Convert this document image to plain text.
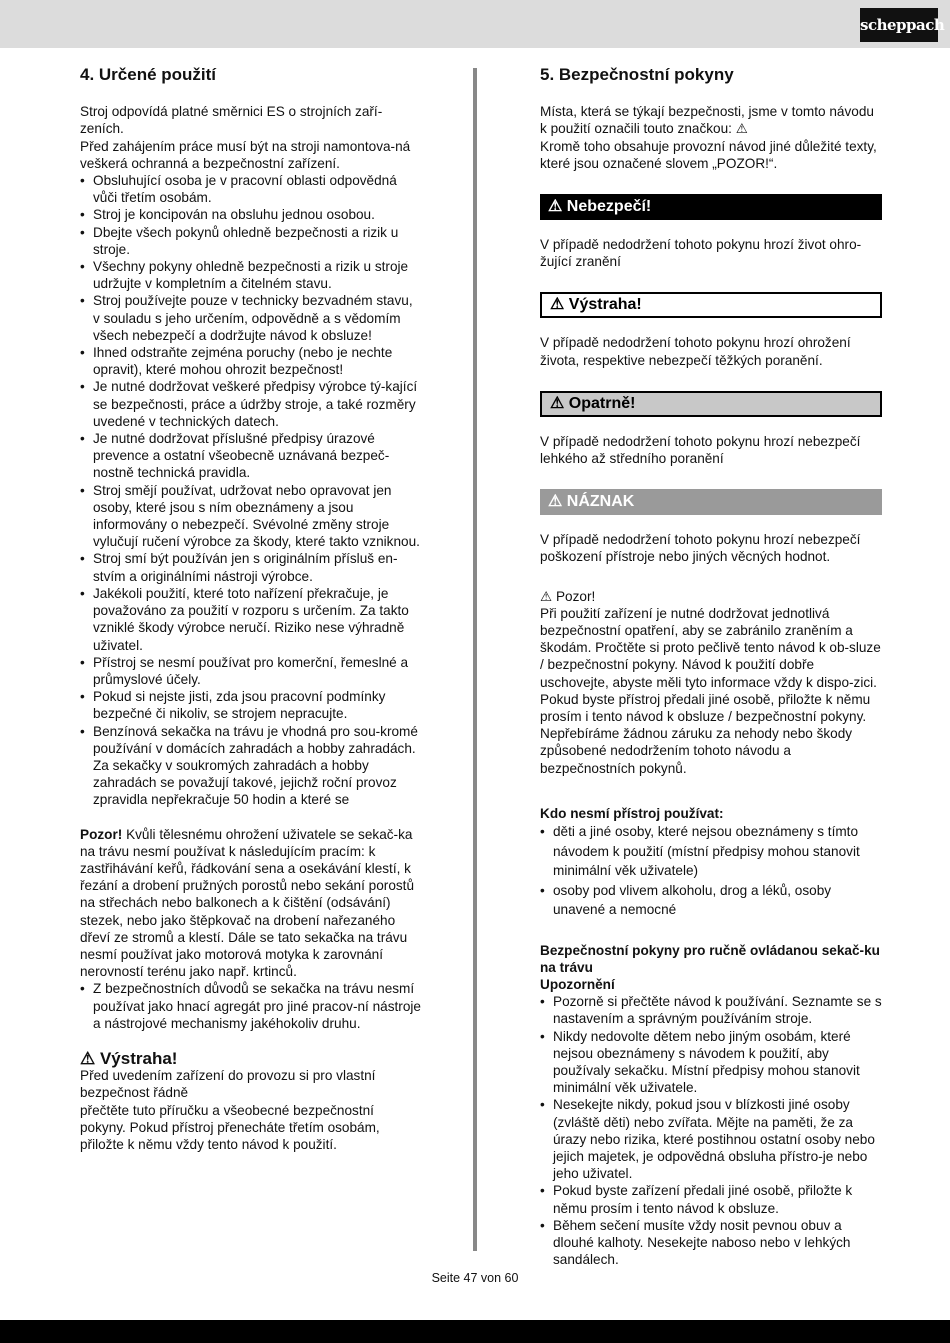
scheppach
4. Určené použití

Stroj odpovídá platné směrnici ES o strojních zaří-zeních.

Před zahájením práce musí být na stroji namontova-ná veškerá ochranná a bezpečnostní zařízení.

• Obsluhující osoba je v pracovní oblasti odpovědná vůči třetím osobám.
• Stroj je koncipován na obsluhu jednou osobou.
• Dbejte všech pokynů ohledně bezpečnosti a rizik u stroje.
• Všechny pokyny ohledně bezpečnosti a rizik u stroje udržujte v kompletním a čitelném stavu.
• Stroj používejte pouze v technicky bezvadném stavu, v souladu s jeho určením, odpovědně a s vědomím všech nebezpečí a dodržujte návod k obsluze!
• Ihned odstraňte zejména poruchy (nebo je nechte opravit), které mohou ohrozit bezpečnost!
• Je nutné dodržovat veškeré předpisy výrobce tý-kající se bezpečnosti, práce a údržby stroje, a také rozměry uvedené v technických datech.
• Je nutné dodržovat příslušné předpisy úrazové prevence a ostatní všeobecně uznávaná bezpeč-nostně technická pravidla.
• Stroj smějí používat, udržovat nebo opravovat jen osoby, které jsou s ním obeznámeny a jsou informovány o nebezpečí. Svévolné změny stroje vylučují ručení výrobce za škody, které takto vzniknou.
• Stroj smí být používán jen s originálním přísluš en-stvím a originálními nástroji výrobce.
• Jakékoli použití, které toto nařízení překračuje, je považováno za použití v rozporu s určením. Za takto vzniklé škody výrobce neručí. Riziko nese výhradně uživatel.
• Přístroj se nesmí používat pro komerční, řemeslné a průmyslové účely.
• Pokud si nejste jisti, zda jsou pracovní podmínky bezpečné či nikoliv, se strojem nepracujte.
• Benzínová sekačka na trávu je vhodná pro sou-kromé používání v domácích zahradách a hobby zahradách. Za sekačky v soukromých zahradách a hobby zahradách se považují takové, jejichž roční provoz zpravidla nepřekračuje 50 hodin a které se

Pozor! Kvůli tělesnému ohrožení uživatele se sekač-ka na trávu nesmí používat k následujícím pracím: k zastřihávání keřů, řádkování sena a osekávání klestí, k řezání a drobení pružných porostů nebo sekání porostů na střechách nebo balkonech a k čištění (odsávání) stezek, nebo jako štěpkovač na drobení nařezaného dřeví ze stromů a klestí. Dále se tato sekačka na trávu nesmí používat jako motorová motyka k zarovnání nerovností terénu jako např. krtinců.

• Z bezpečnostních důvodů se sekačka na trávu nesmí používat jako hnací agregát pro jiné pracov-ní nástroje a nástrojové mechanismy jakéhokoliv druhu.
⚠ Výstraha!

Před uvedením zařízení do provozu si pro vlastní bezpečnost řádně

přečtěte tuto příručku a všeobecné bezpečnostní pokyny. Pokud přístroj přenecháte třetím osobám, přiložte k němu vždy tento návod k použití.

5. Bezpečnostní pokyny

Místa, která se týkají bezpečnosti, jsme v tomto návodu k použití označili touto značkou: ⚠

Kromě toho obsahuje provozní návod jiné důležité texty, které jsou označené slovem „POZOR!“.

⚠ Nebezpečí!

V případě nedodržení tohoto pokynu hrozí život ohro-žující zranění

⚠ Výstraha!

V případě nedodržení tohoto pokynu hrozí ohrožení života, respektive nebezpečí těžkých poranění.

⚠ Opatrně!

V případě nedodržení tohoto pokynu hrozí nebezpečí lehkého až středního poranění

⚠ NÁZNAK

V případě nedodržení tohoto pokynu hrozí nebezpečí poškození přístroje nebo jiných věcných hodnot.

⚠ Pozor!

Při použití zařízení je nutné dodržovat jednotlivá bezpečnostní opatření, aby se zabránilo zraněním a škodám. Pročtěte si proto pečlivě tento návod k ob-sluze / bezpečnostní pokyny. Návod k použití dobře uschovejte, abyste měli tyto informace vždy k dispo-zici. Pokud byste přístroj předali jiné osobě, přiložte k němu prosím i tento návod k obsluze / bezpečnostní pokyny. Nepřebíráme žádnou záruku za nehody nebo škody způsobené nedodržením tohoto návodu a bezpečnostních pokynů.

Kdo nesmí přístroj používat:

• děti a jiné osoby, které nejsou obeznámeny s tímto návodem k použití (místní předpisy mohou stanovit minimální věk uživatele)
• osoby pod vlivem alkoholu, drog a léků, osoby unavené a nemocné

Bezpečnostní pokyny pro ručně ovládanou sekač-ku na trávu

Upozornění

• Pozorně si přečtěte návod k používání. Seznamte se s nastavením a správným používáním stroje.
• Nikdy nedovolte dětem nebo jiným osobám, které nejsou obeznámeny s návodem k použití, aby používaly sekačku. Místní předpisy mohou stanovit minimální věk uživatele.
• Nesekejte nikdy, pokud jsou v blízkosti jiné osoby (zvláště děti) nebo zvířata. Mějte na paměti, že za úrazy nebo rizika, které postihnou ostatní osoby nebo jejich majetek, je odpovědná obsluha přístro-je nebo jeho uživatel.
• Pokud byste zařízení předali jiné osobě, přiložte k němu prosím i tento návod k obsluze.
• Během sečení musíte vždy nosit pevnou obuv a dlouhé kalhoty. Nesekejte naboso nebo v lehkých sandálech.
Seite 47 von 60
